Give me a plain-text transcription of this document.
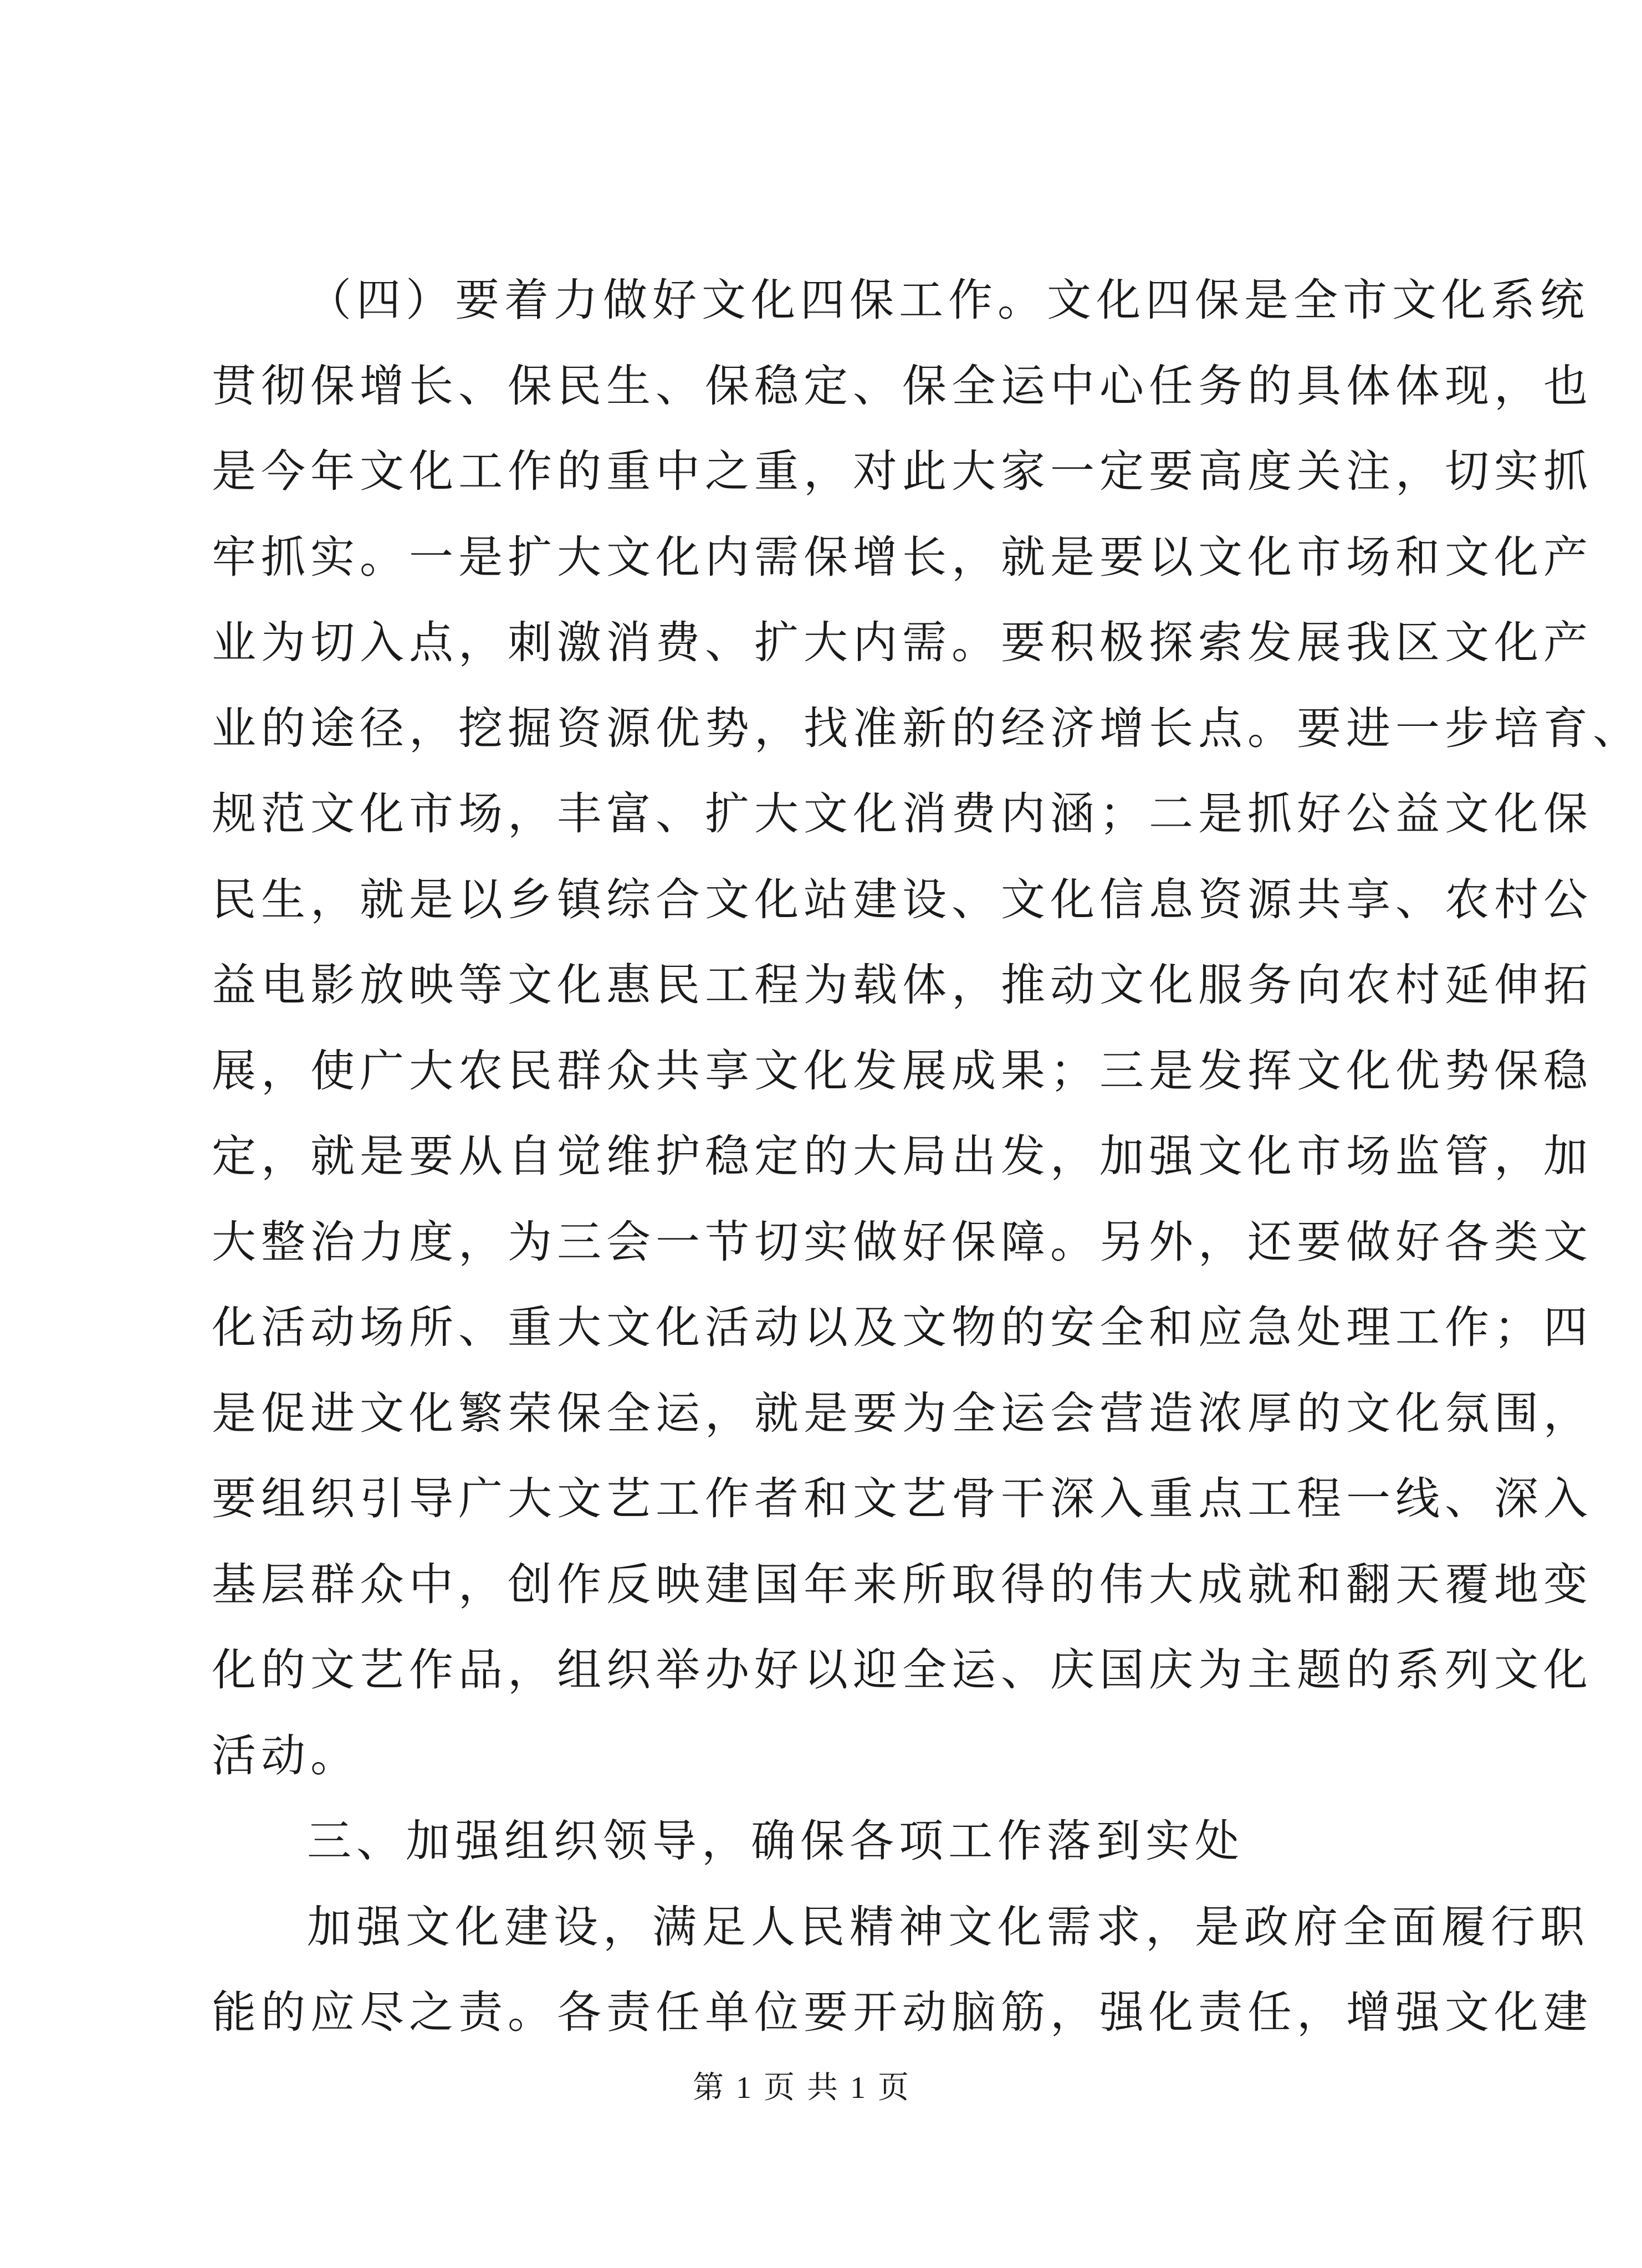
（四）要着力做好文化四保工作。文化四保是全市文化系统
贯彻保增长、保民生、保稳定、保全运中心任务的具体体现，也
是今年文化工作的重中之重，对此大家一定要高度关注，切实抓
牢抓实。一是扩大文化内需保增长，就是要以文化市场和文化产
业为切入点，刺激消费、扩大内需。要积极探索发展我区文化产
业的途径，挖掘资源优势，找准新的经济增长点。要进一步培育、
规范文化市场，丰富、扩大文化消费内涵；二是抓好公益文化保
民生，就是以乡镇综合文化站建设、文化信息资源共享、农村公
益电影放映等文化惠民工程为载体，推动文化服务向农村延伸拓
展，使广大农民群众共享文化发展成果；三是发挥文化优势保稳
定，就是要从自觉维护稳定的大局出发，加强文化市场监管，加
大整治力度，为三会一节切实做好保障。另外，还要做好各类文
化活动场所、重大文化活动以及文物的安全和应急处理工作；四
是促进文化繁荣保全运，就是要为全运会营造浓厚的文化氛围，
要组织引导广大文艺工作者和文艺骨干深入重点工程一线、深入
基层群众中，创作反映建国年来所取得的伟大成就和翻天覆地变
化的文艺作品，组织举办好以迎全运、庆国庆为主题的系列文化
活动。
三、加强组织领导，确保各项工作落到实处
加强文化建设，满足人民精神文化需求，是政府全面履行职
能的应尽之责。各责任单位要开动脑筋，强化责任，增强文化建
第 1 页 共 1 页
